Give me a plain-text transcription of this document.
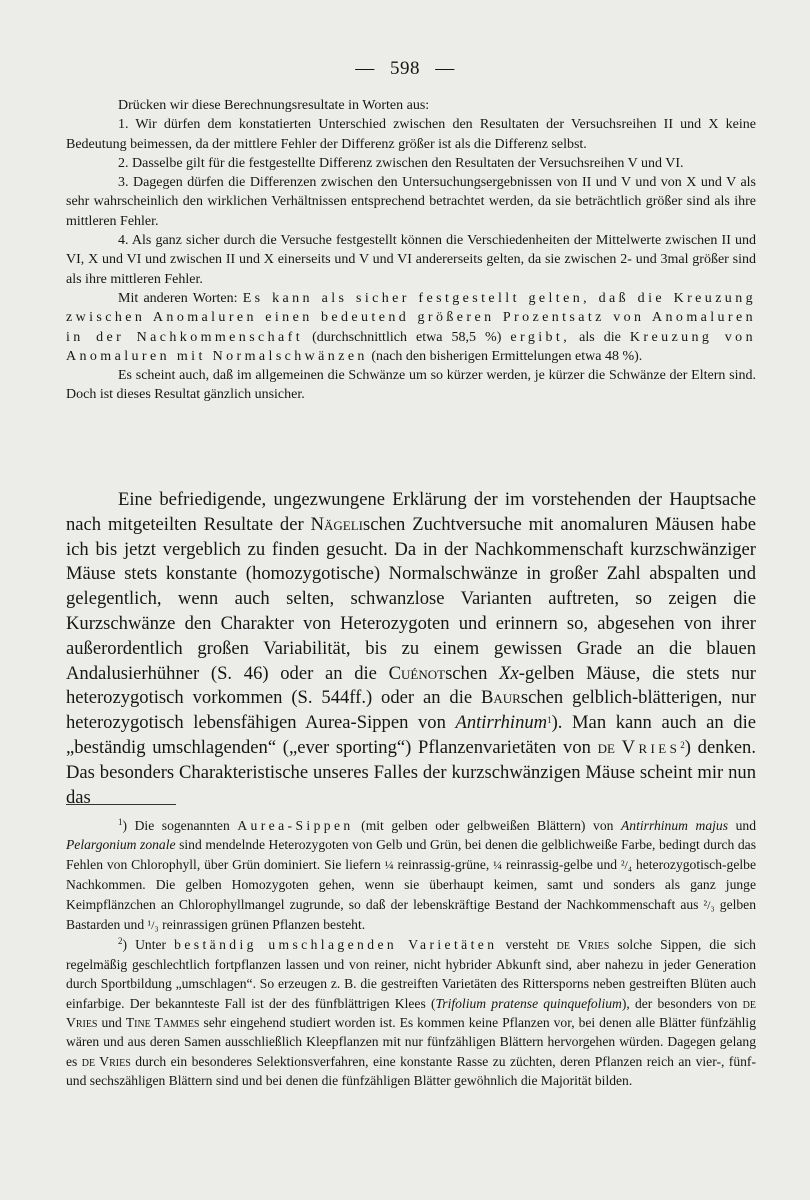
— 598 —

Drücken wir diese Berechnungsresultate in Worten aus:

1. Wir dürfen dem konstatierten Unterschied zwischen den Resultaten der Versuchsreihen II und X keine Bedeutung beimessen, da der mittlere Fehler der Differenz größer ist als die Differenz selbst.

2. Dasselbe gilt für die festgestellte Differenz zwischen den Resultaten der Versuchsreihen V und VI.

3. Dagegen dürfen die Differenzen zwischen den Untersuchungsergebnissen von II und V und von X und V als sehr wahrscheinlich den wirklichen Verhältnissen entsprechend betrachtet werden, da sie beträchtlich größer sind als ihre mittleren Fehler.

4. Als ganz sicher durch die Versuche festgestellt können die Verschiedenheiten der Mittelwerte zwischen II und VI, X und VI und zwischen II und X einerseits und V und VI andererseits gelten, da sie zwischen 2- und 3mal größer sind als ihre mittleren Fehler.

Mit anderen Worten: Es kann als sicher festgestellt gelten, daß die Kreuzung zwischen Anomaluren einen bedeutend größeren Prozentsatz von Anomaluren in der Nachkommenschaft (durchschnittlich etwa 58,5 %) ergibt, als die Kreuzung von Anomaluren mit Normalschwänzen (nach den bisherigen Ermittelungen etwa 48 %).

Es scheint auch, daß im allgemeinen die Schwänze um so kürzer werden, je kürzer die Schwänze der Eltern sind. Doch ist dieses Resultat gänzlich unsicher.

Eine befriedigende, ungezwungene Erklärung der im vorstehenden der Hauptsache nach mitgeteilten Resultate der Nägelischen Zuchtversuche mit anomaluren Mäusen habe ich bis jetzt vergeblich zu finden gesucht. Da in der Nachkommenschaft kurzschwänziger Mäuse stets konstante (homozygotische) Normalschwänze in großer Zahl abspalten und gelegentlich, wenn auch selten, schwanzlose Varianten auftreten, so zeigen die Kurzschwänze den Charakter von Heterozygoten und erinnern so, abgesehen von ihrer außerordentlich großen Variabilität, bis zu einem gewissen Grade an die blauen Andalusierhühner (S. 46) oder an die Cuénotschen Xx-gelben Mäuse, die stets nur heterozygotisch vorkommen (S. 544ff.) oder an die Baurschen gelblich-blätterigen, nur heterozygotisch lebensfähigen Aurea-Sippen von Antirrhinum$^1$). Man kann auch an die „beständig umschlagenden“ („ever sporting“) Pflanzenvarietäten von de Vries$^2$) denken. Das besonders Charakteristische unseres Falles der kurzschwänzigen Mäuse scheint mir nun das

$^1$) Die sogenannten Aurea-Sippen (mit gelben oder gelbweißen Blättern) von Antirrhinum majus und Pelargonium zonale sind mendelnde Heterozygoten von Gelb und Grün, bei denen die gelblichweiße Farbe, bedingt durch das Fehlen von Chlorophyll, über Grün dominiert. Sie liefern ¼ reinrassig-grüne, ¼ reinrassig-gelbe und ²/₄ heterozygotisch-gelbe Nachkommen. Die gelben Homozygoten gehen, wenn sie überhaupt keimen, samt und sonders als ganz junge Keimpflänzchen an Chlorophyllmangel zugrunde, so daß der lebenskräftige Bestand der Nachkommenschaft aus ²/₃ gelben Bastarden und ¹/₃ reinrassigen grünen Pflanzen besteht.

$^2$) Unter beständig umschlagenden Varietäten versteht de Vries solche Sippen, die sich regelmäßig geschlechtlich fortpflanzen lassen und von reiner, nicht hybrider Abkunft sind, aber nahezu in jeder Generation durch Sportbildung „umschlagen“. So erzeugen z. B. die gestreiften Varietäten des Rittersporns neben gestreiften Blüten auch einfarbige. Der bekannteste Fall ist der des fünfblättrigen Klees (Trifolium pratense quinquefolium), der besonders von de Vries und Tine Tammes sehr eingehend studiert worden ist. Es kommen keine Pflanzen vor, bei denen alle Blätter fünfzählig wären und aus deren Samen ausschließlich Kleepflanzen mit nur fünfzähligen Blättern hervorgehen würden. Dagegen gelang es de Vries durch ein besonderes Selektionsverfahren, eine konstante Rasse zu züchten, deren Pflanzen reich an vier-, fünf- und sechszähligen Blättern sind und bei denen die fünfzähligen Blätter gewöhnlich die Majorität bilden.
